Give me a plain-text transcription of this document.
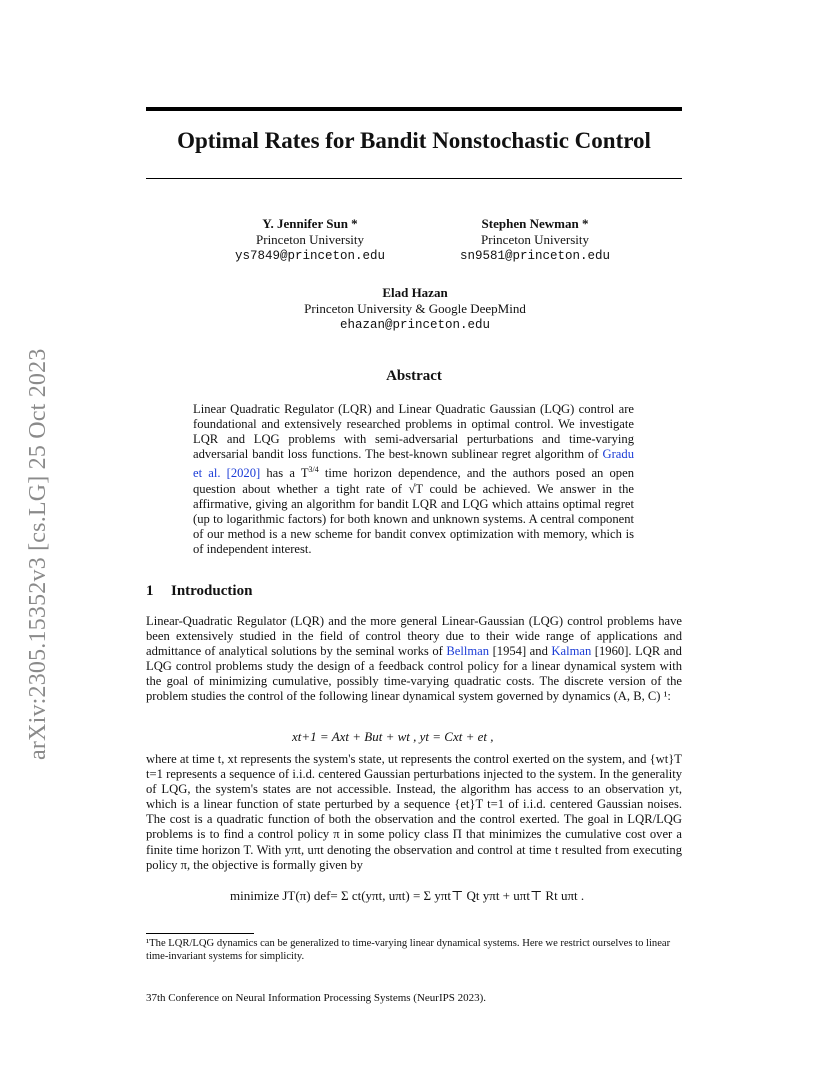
arXiv:2305.15352v3 [cs.LG] 25 Oct 2023
Optimal Rates for Bandit Nonstochastic Control
Y. Jennifer Sun *
Princeton University
ys7849@princeton.edu
Stephen Newman *
Princeton University
sn9581@princeton.edu
Elad Hazan
Princeton University & Google DeepMind
ehazan@princeton.edu
Abstract
Linear Quadratic Regulator (LQR) and Linear Quadratic Gaussian (LQG) control are foundational and extensively researched problems in optimal control. We investigate LQR and LQG problems with semi-adversarial perturbations and time-varying adversarial bandit loss functions. The best-known sublinear regret algorithm of Gradu et al. [2020] has a $T^{3/4}$ time horizon dependence, and the authors posed an open question about whether a tight rate of √T could be achieved. We answer in the affirmative, giving an algorithm for bandit LQR and LQG which attains optimal regret (up to logarithmic factors) for both known and unknown systems. A central component of our method is a new scheme for bandit convex optimization with memory, which is of independent interest.
1 Introduction
Linear-Quadratic Regulator (LQR) and the more general Linear-Gaussian (LQG) control problems have been extensively studied in the field of control theory due to their wide range of applications and admittance of analytical solutions by the seminal works of Bellman [1954] and Kalman [1960]. LQR and LQG control problems study the design of a feedback control policy for a linear dynamical system with the goal of minimizing cumulative, possibly time-varying quadratic costs. The discrete version of the problem studies the control of the following linear dynamical system governed by dynamics (A, B, C) ¹:
xt+1 = Axt + But + wt , yt = Cxt + et ,
where at time t, xt represents the system's state, ut represents the control exerted on the system, and {wt}T t=1 represents a sequence of i.i.d. centered Gaussian perturbations injected to the system. In the generality of LQG, the system's states are not accessible. Instead, the algorithm has access to an observation yt, which is a linear function of state perturbed by a sequence {et}T t=1 of i.i.d. centered Gaussian noises. The cost is a quadratic function of both the observation and the control exerted. The goal in LQR/LQG problems is to find a control policy π in some policy class Π that minimizes the cumulative cost over a finite time horizon T. With yπt, uπt denoting the observation and control at time t resulted from executing policy π, the objective is formally given by
minimize JT(π) def= Σ ct(yπt, uπt) = Σ yπt⊤ Qt yπt + uπt⊤ Rt uπt .
¹The LQR/LQG dynamics can be generalized to time-varying linear dynamical systems. Here we restrict ourselves to linear time-invariant systems for simplicity.
37th Conference on Neural Information Processing Systems (NeurIPS 2023).
